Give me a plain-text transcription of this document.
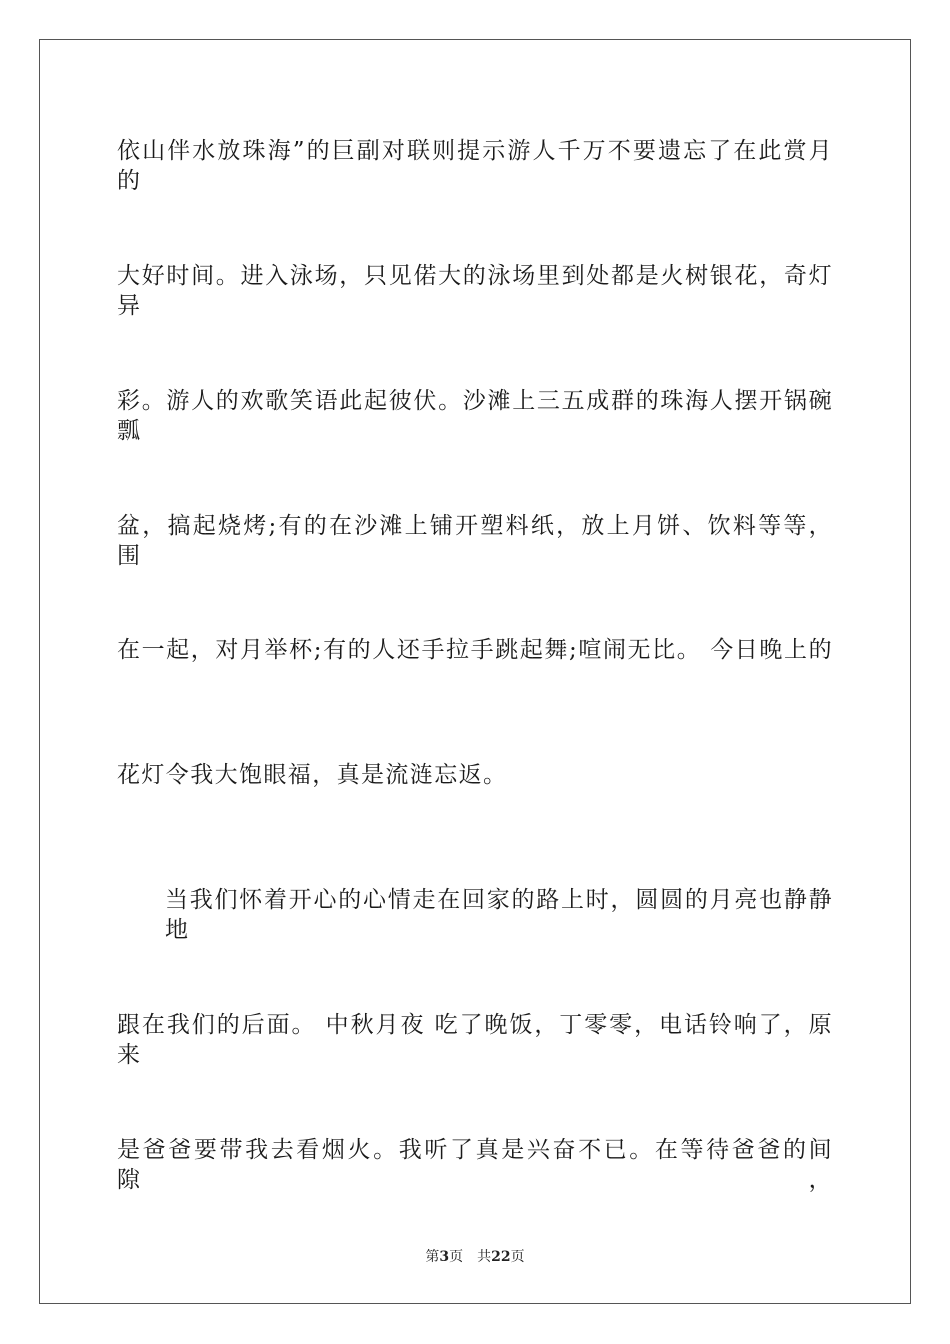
依山伴水放珠海”的巨副对联则提示游人千万不要遗忘了在此赏月的
大好时间。进入泳场，只见偌大的泳场里到处都是火树银花，奇灯异
彩。游人的欢歌笑语此起彼伏。沙滩上三五成群的珠海人摆开锅碗瓢
盆，搞起烧烤;有的在沙滩上铺开塑料纸，放上月饼、饮料等等，围
在一起，对月举杯;有的人还手拉手跳起舞;喧闹无比。 今日晚上的
花灯令我大饱眼福，真是流涟忘返。
当我们怀着开心的心情走在回家的路上时，圆圆的月亮也静静地
跟在我们的后面。 中秋月夜 吃了晚饭，丁零零，电话铃响了，原来
是爸爸要带我去看烟火。我听了真是兴奋不已。在等待爸爸的间隙，
第3页 共22页
